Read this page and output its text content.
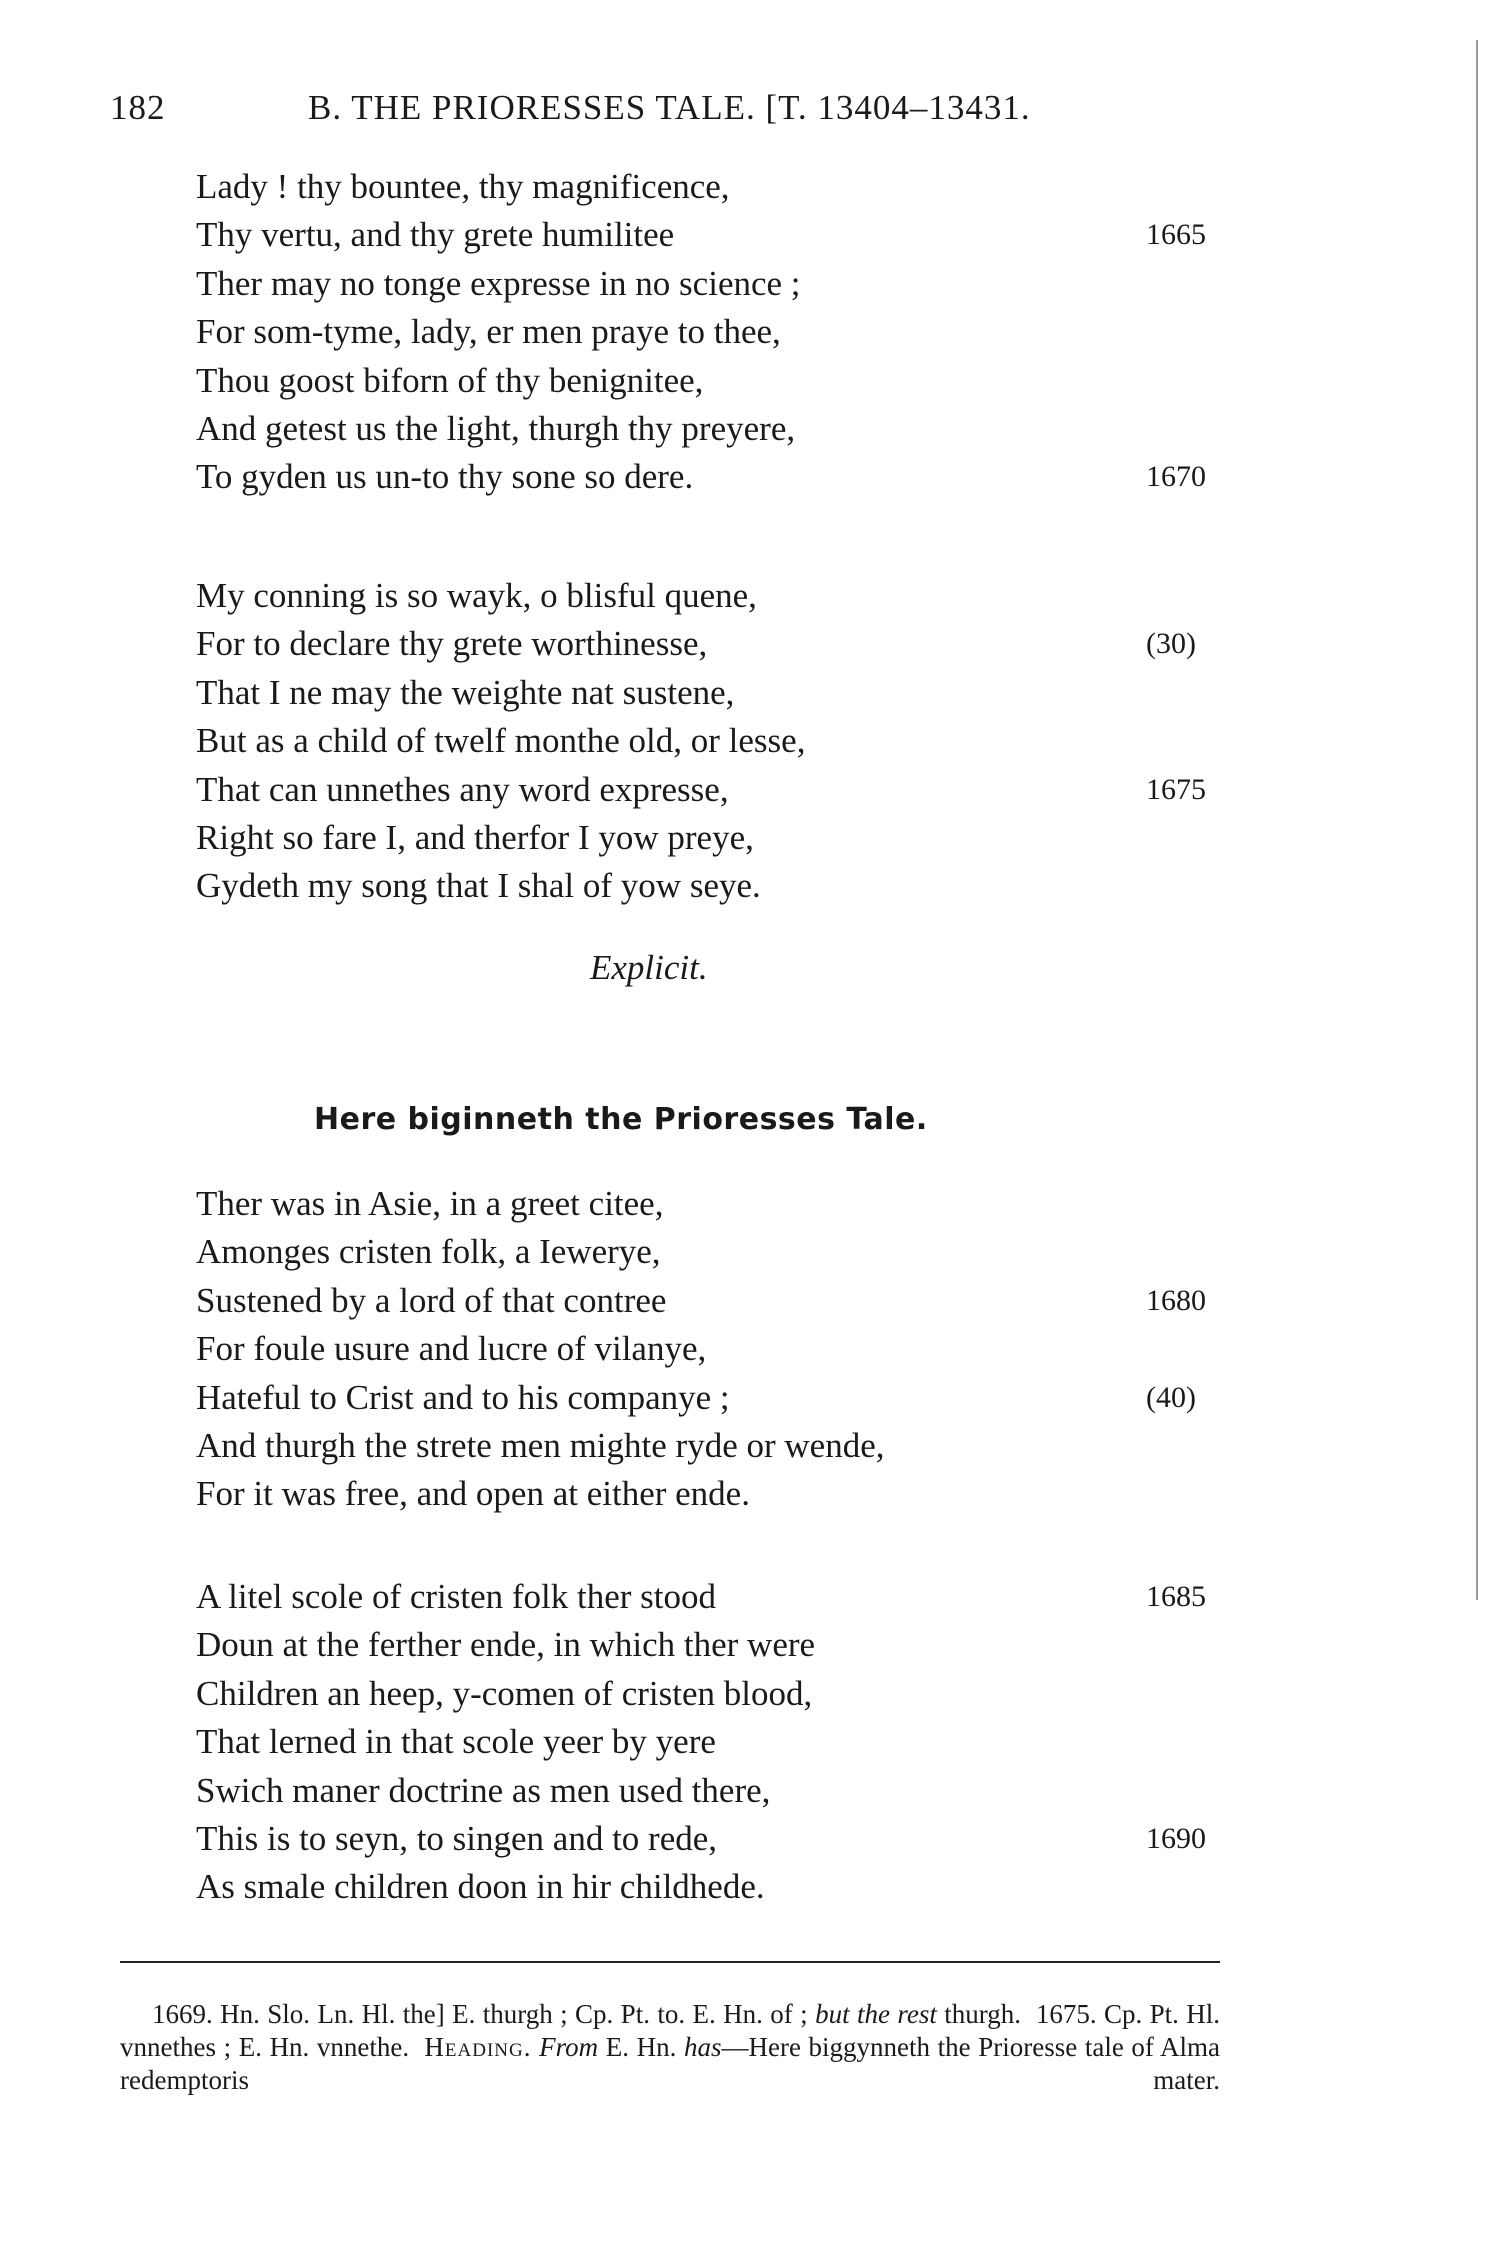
182	B. THE PRIORESSES TALE. [T. 13404–13431.
Lady ! thy bountee, thy magnificence,
Thy vertu, and thy grete humilitee	1665
Ther may no tonge expresse in no science ;
For som-tyme, lady, er men praye to thee,
Thou goost biforn of thy benignitee,
And getest us the light, thurgh thy preyere,
To gyden us un-to thy sone so dere.	1670
My conning is so wayk, o blisful quene,
For to declare thy grete worthinesse,	(30)
That I ne may the weighte nat sustene,
But as a child of twelf monthe old, or lesse,
That can unnethes any word expresse,	1675
Right so fare I, and therfor I yow preye,
Gydeth my song that I shal of yow seye.
Explicit.
Here biginneth the Prioresses Tale.
Ther was in Asie, in a greet citee,
Amonges cristen folk, a Iewerye,
Sustened by a lord of that contree	1680
For foule usure and lucre of vilanye,
Hateful to Crist and to his companye ;	(40)
And thurgh the strete men mighte ryde or wende,
For it was free, and open at either ende.
A litel scole of cristen folk ther stood	1685
Doun at the ferther ende, in which ther were
Children an heep, y-comen of cristen blood,
That lerned in that scole yeer by yere
Swich maner doctrine as men used there,
This is to seyn, to singen and to rede,	1690
As smale children doon in hir childhede.

1669. Hn. Slo. Ln. Hl. the] E. thurgh ; Cp. Pt. to. E. Hn. of ; but the rest thurgh. 1675. Cp. Pt. Hl. vnnethes ; E. Hn. vnnethe. Heading. From E. Hn. has—Here biggynneth the Prioresse tale of Alma redemptoris mater.
